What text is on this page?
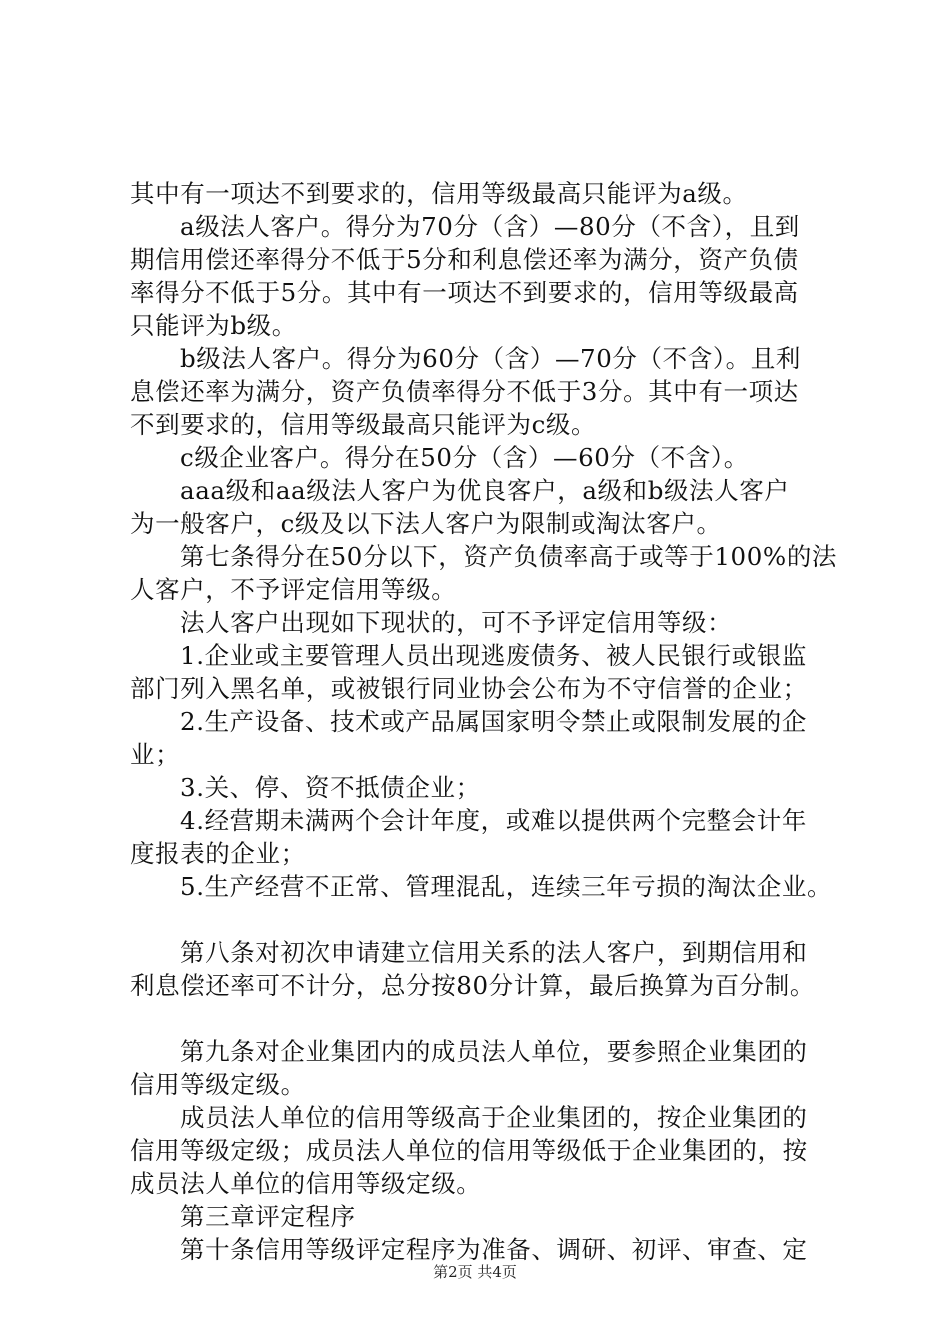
其中有一项达不到要求的，信用等级最高只能评为a级。
a级法人客户。得分为70分（含）—80分（不含），且到
期信用偿还率得分不低于5分和利息偿还率为满分，资产负债
率得分不低于5分。其中有一项达不到要求的，信用等级最高
只能评为b级。
b级法人客户。得分为60分（含）—70分（不含）。且利
息偿还率为满分，资产负债率得分不低于3分。其中有一项达
不到要求的，信用等级最高只能评为c级。
c级企业客户。得分在50分（含）—60分（不含）。
aaa级和aa级法人客户为优良客户，a级和b级法人客户
为一般客户，c级及以下法人客户为限制或淘汰客户。
第七条得分在50分以下，资产负债率高于或等于100%的法
人客户，不予评定信用等级。
法人客户出现如下现状的，可不予评定信用等级：
1.企业或主要管理人员出现逃废债务、被人民银行或银监
部门列入黑名单，或被银行同业协会公布为不守信誉的企业；
2.生产设备、技术或产品属国家明令禁止或限制发展的企
业；
3.关、停、资不抵债企业；
4.经营期未满两个会计年度，或难以提供两个完整会计年
度报表的企业；
5.生产经营不正常、管理混乱，连续三年亏损的淘汰企业。
第八条对初次申请建立信用关系的法人客户，到期信用和
利息偿还率可不计分，总分按80分计算，最后换算为百分制。
第九条对企业集团内的成员法人单位，要参照企业集团的
信用等级定级。
成员法人单位的信用等级高于企业集团的，按企业集团的
信用等级定级；成员法人单位的信用等级低于企业集团的，按
成员法人单位的信用等级定级。
第三章评定程序
第十条信用等级评定程序为准备、调研、初评、审查、定
第2页 共4页
